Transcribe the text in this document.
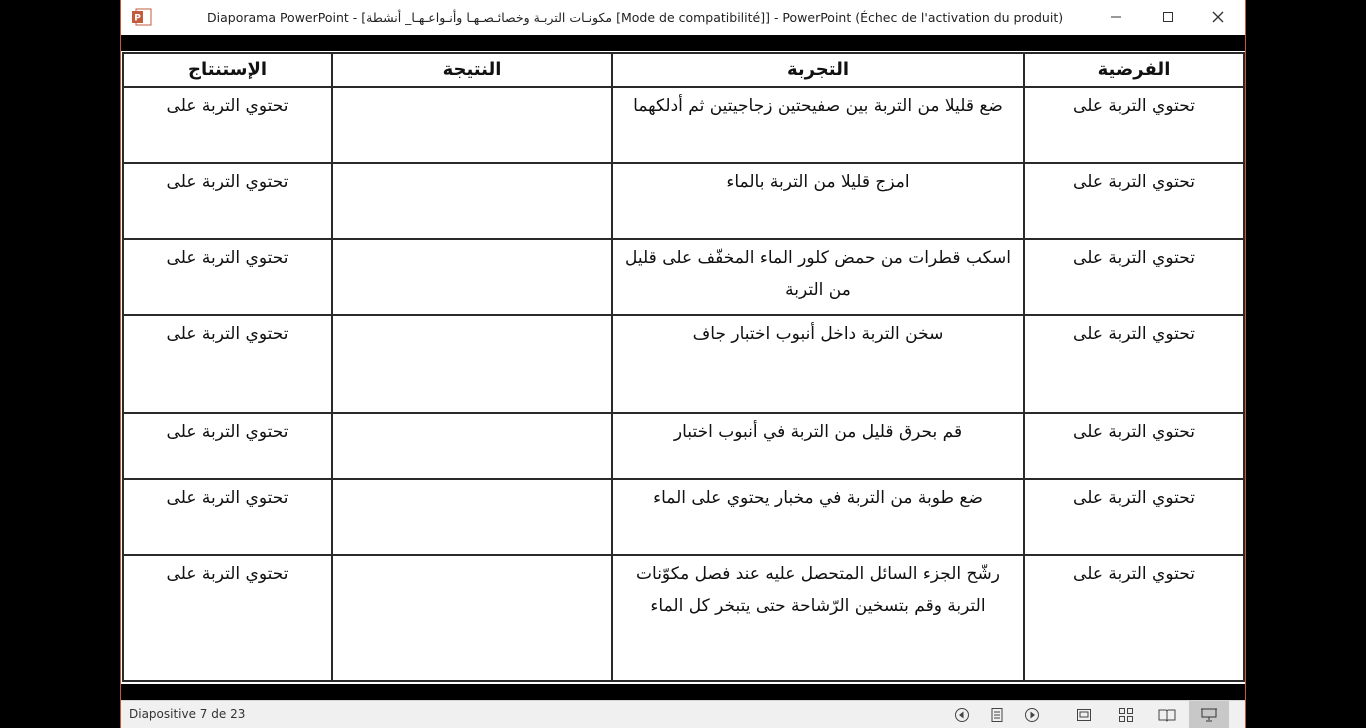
P	Diaporama PowerPoint - [مكونـات التربـة وخصائـصـهـا وأنـواعـهـا_ أنشطة [Mode de compatibilité]] - PowerPoint (Échec de l'activation du produit)
الفرضية	التجربة	النتيجة	الإستنتاج
تحتوي التربة على	ضع قليلا من التربة بين صفيحتين زجاجيتين ثم أدلكهما		تحتوي التربة على
تحتوي التربة على	امزج قليلا من التربة بالماء		تحتوي التربة على
تحتوي التربة على	اسكب قطرات من حمض كلور الماء المخفّف على قليل من التربة		تحتوي التربة على
تحتوي التربة على	سخن التربة داخل أنبوب اختبار جاف		تحتوي التربة على
تحتوي التربة على	قم بحرق قليل من التربة في أنبوب اختبار		تحتوي التربة على
تحتوي التربة على	ضع طوبة من التربة في مخبار يحتوي على الماء		تحتوي التربة على
تحتوي التربة على	رشّح الجزء السائل المتحصل عليه عند فصل مكوّنات التربة وقم بتسخين الرّشاحة حتى يتبخر كل الماء		تحتوي التربة على
Diapositive 7 de 23
